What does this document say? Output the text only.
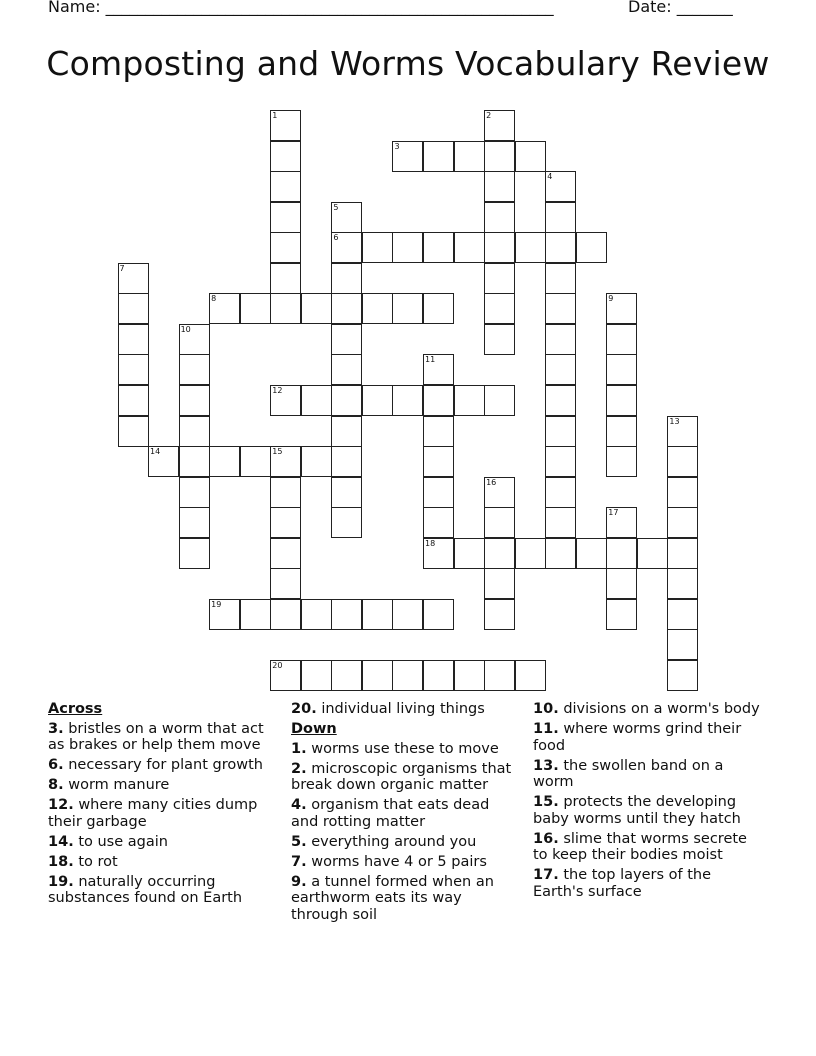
Name: ________________________________________________________	Date: _______
Composting and Worms Vocabulary Review
3
6
8
12
14	15
18
19
20
1	2
4
5
7
9
10
11
13
16
17
Across
3. bristles on a worm that act as brakes or help them move
6. necessary for plant growth
8. worm manure
12. where many cities dump their garbage
14. to use again
18. to rot
19. naturally occurring substances found on Earth
20. individual living things
Down
1. worms use these to move
2. microscopic organisms that break down organic matter
4. organism that eats dead and rotting matter
5. everything around you
7. worms have 4 or 5 pairs
9. a tunnel formed when an earthworm eats its way through soil
10. divisions on a worm's body
11. where worms grind their food
13. the swollen band on a worm
15. protects the developing baby worms until they hatch
16. slime that worms secrete to keep their bodies moist
17. the top layers of the Earth's surface
